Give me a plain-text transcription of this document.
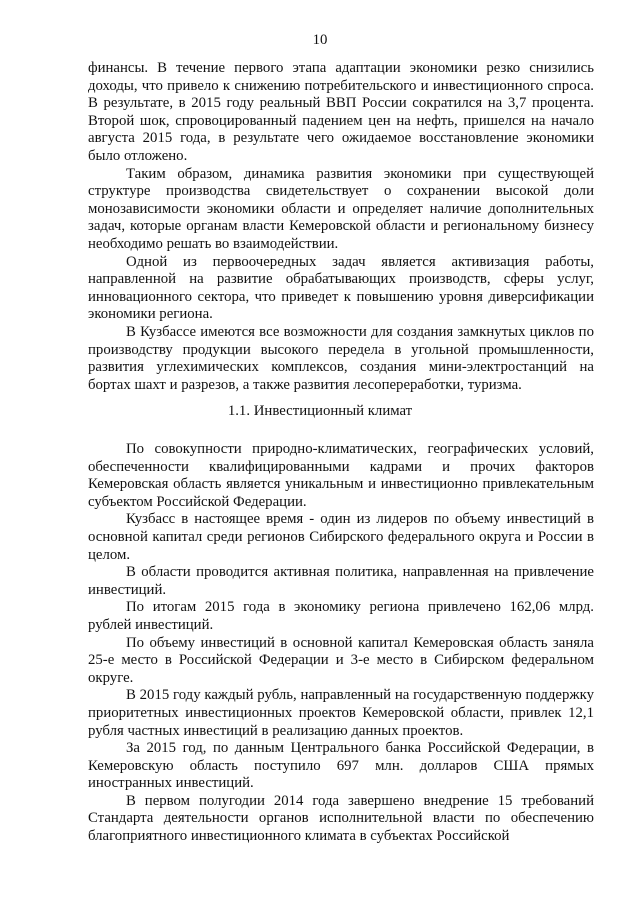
10

финансы. В течение первого этапа адаптации экономики резко снизились доходы, что привело к снижению потребительского и инвестиционного спроса. В результате, в 2015 году реальный ВВП России сократился на 3,7 процента. Второй шок, спровоцированный падением цен на нефть, пришелся на начало августа 2015 года, в результате чего ожидаемое восстановление экономики было отложено.

Таким образом, динамика развития экономики при существующей структуре производства свидетельствует о сохранении высокой доли монозависимости экономики области и определяет наличие дополнительных задач, которые органам власти Кемеровской области и региональному бизнесу необходимо решать во взаимодействии.

Одной из первоочередных задач является активизация работы, направленной на развитие обрабатывающих производств, сферы услуг, инновационного сектора, что приведет к повышению уровня диверсификации экономики региона.

В Кузбассе имеются все возможности для создания замкнутых циклов по производству продукции высокого передела в угольной промышленности, развития углехимических комплексов, создания мини-электростанций на бортах шахт и разрезов, а также развития лесопереработки, туризма.

1.1. Инвестиционный климат

По совокупности природно-климатических, географических условий, обеспеченности квалифицированными кадрами и прочих факторов Кемеровская область является уникальным и инвестиционно привлекательным субъектом Российской Федерации.

Кузбасс в настоящее время - один из лидеров по объему инвестиций в основной капитал среди регионов Сибирского федерального округа и России в целом.

В области проводится активная политика, направленная на привлечение инвестиций.

По итогам 2015 года в экономику региона привлечено 162,06 млрд. рублей инвестиций.

По объему инвестиций в основной капитал Кемеровская область заняла 25-е место в Российской Федерации и 3-е место в Сибирском федеральном округе.

В 2015 году каждый рубль, направленный на государственную поддержку приоритетных инвестиционных проектов Кемеровской области, привлек 12,1 рубля частных инвестиций в реализацию данных проектов.

За 2015 год, по данным Центрального банка Российской Федерации, в Кемеровскую область поступило 697 млн. долларов США прямых иностранных инвестиций.

В первом полугодии 2014 года завершено внедрение 15 требований Стандарта деятельности органов исполнительной власти по обеспечению благоприятного инвестиционного климата в субъектах Российской
